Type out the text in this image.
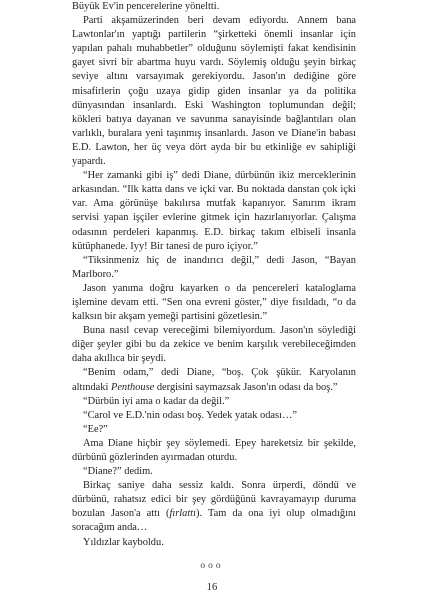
Büyük Ev'in pencerelerine yöneltti.

Parti akşamüzerinden beri devam ediyordu. Annem bana Lawtonlar'ın yaptığı partilerin “şirketteki önemli insanlar için yapılan pahalı muhabbetler” olduğunu söylemişti fakat kendisinin gayet sivri bir abartma huyu vardı. Söylemiş olduğu şeyin birkaç seviye altını varsayımak gerekiyordu. Jason'ın dediğine göre misafirlerin çoğu uzaya gidip giden insanlar ya da politika dünyasından insanlardı. Eski Washington toplumundan değil; kökleri batıya dayanan ve savunma sanayisinde bağlantıları olan varlıklı, buralara yeni taşınmış insanlardı. Jason ve Diane'in babası E.D. Lawton, her üç veya dört ayda bir bu etkinliğe ev sahipliği yapardı.

“Her zamanki gibi iş” dedi Diane, dürbünün ikiz merceklerinin arkasından. “Ilk katta dans ve içki var. Bu noktada danstan çok içki var. Ama görünüşe bakılırsa mutfak kapanıyor. Sanırım ikram servisi yapan işçiler evlerine gitmek için hazırlanıyorlar. Çalışma odasının perdeleri kapanmış. E.D. birkaç takım elbiseli insanla kütüphanede. Iyy! Bir tanesi de puro içiyor.”

“Tiksinmeniz hiç de inandırıcı değil,” dedi Jason, “Bayan Marlboro.”

Jason yanıma doğru kayarken o da pencereleri kataloglama işlemine devam etti. “Sen ona evreni göster,” diye fısıldadı, “o da kalksın bir akşam yemeği partisini gözetlesin.”

Buna nasıl cevap vereceğimi bilemiyordum. Jason'ın söylediği diğer şeyler gibi bu da zekice ve benim karşılık verebileceğimden daha akıllıca bir şeydi.

“Benim odam,” dedi Diane, “boş. Çok şükür. Karyolanın altındaki Penthouse dergisini saymazsak Jason'ın odası da boş.”

“Dürbün iyi ama o kadar da değil.”

“Carol ve E.D.'nin odası boş. Yedek yatak odası…”

“Ee?”

Ama Diane hiçbir şey söylemedi. Epey hareketsiz bir şekilde, dürbünü gözlerinden ayırmadan oturdu.

“Diane?” dedim.

Birkaç saniye daha sessiz kaldı. Sonra ürperdi, döndü ve dürbünü, rahatsız edici bir şey gördüğünü kavrayamayıp duruma bozulan Jason'a attı (fırlattı). Tam da ona iyi olup olmadığını soracağım anda…

Yıldızlar kayboldu.

ooo
16
